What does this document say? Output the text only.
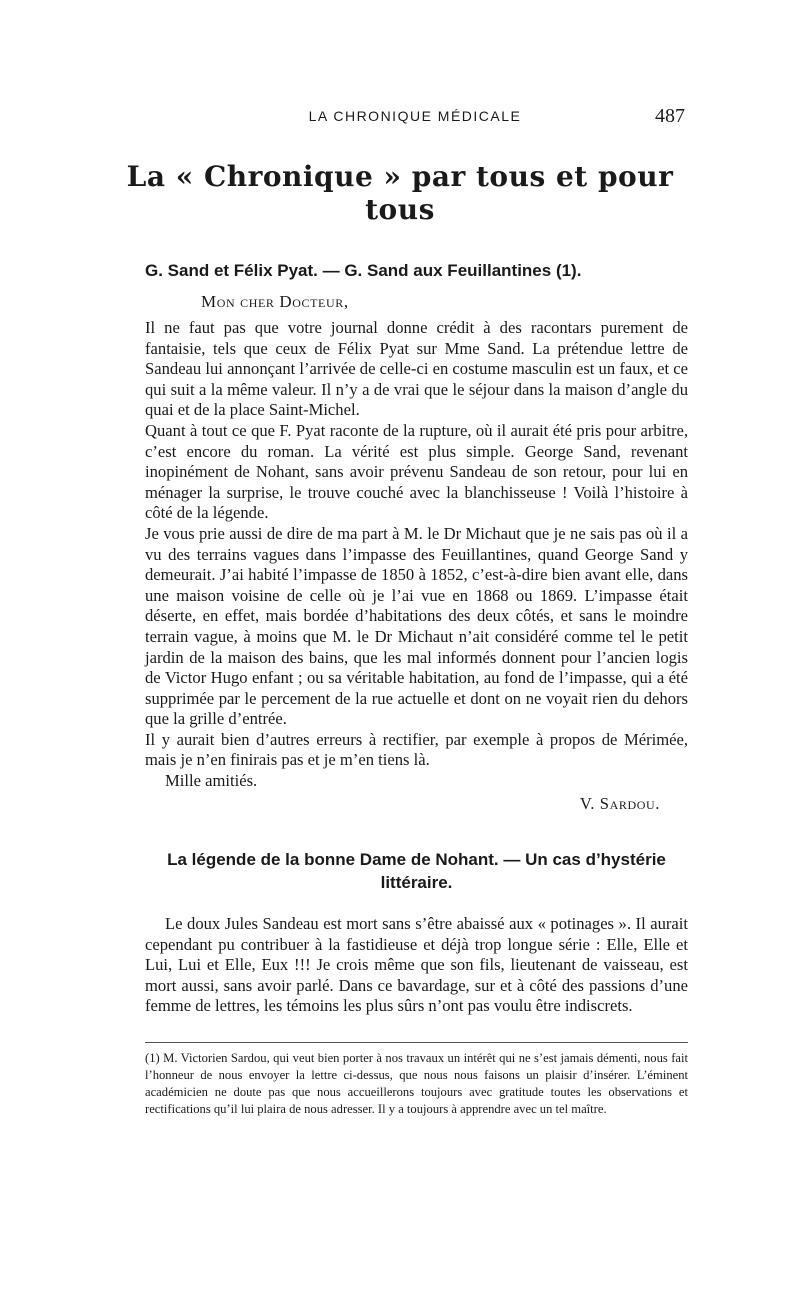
LA CHRONIQUE MÉDICALE	487
La « Chronique » par tous et pour tous
G. Sand et Félix Pyat. — G. Sand aux Feuillantines (1).
Mon cher Docteur,

Il ne faut pas que votre journal donne crédit à des racontars purement de fantaisie, tels que ceux de Félix Pyat sur Mme Sand. La prétendue lettre de Sandeau lui annonçant l’arrivée de celle-ci en costume masculin est un faux, et ce qui suit a la même valeur. Il n’y a de vrai que le séjour dans la maison d’angle du quai et de la place Saint-Michel.

Quant à tout ce que F. Pyat raconte de la rupture, où il aurait été pris pour arbitre, c’est encore du roman. La vérité est plus simple. George Sand, revenant inopinément de Nohant, sans avoir prévenu Sandeau de son retour, pour lui en ménager la surprise, le trouve couché avec la blanchisseuse ! Voilà l’histoire à côté de la légende.

Je vous prie aussi de dire de ma part à M. le Dr Michaut que je ne sais pas où il a vu des terrains vagues dans l’impasse des Feuillantines, quand George Sand y demeurait. J’ai habité l’impasse de 1850 à 1852, c’est-à-dire bien avant elle, dans une maison voisine de celle où je l’ai vue en 1868 ou 1869. L’impasse était déserte, en effet, mais bordée d’habitations des deux côtés, et sans le moindre terrain vague, à moins que M. le Dr Michaut n’ait considéré comme tel le petit jardin de la maison des bains, que les mal informés donnent pour l’ancien logis de Victor Hugo enfant ; ou sa véritable habitation, au fond de l’impasse, qui a été supprimée par le percement de la rue actuelle et dont on ne voyait rien du dehors que la grille d’entrée.

Il y aurait bien d’autres erreurs à rectifier, par exemple à propos de Mérimée, mais je n’en finirais pas et je m’en tiens là.

Mille amitiés.

V. Sardou.

La légende de la bonne Dame de Nohant. — Un cas d’hystérie littéraire.

Le doux Jules Sandeau est mort sans s’être abaissé aux « potinages ». Il aurait cependant pu contribuer à la fastidieuse et déjà trop longue série : Elle, Elle et Lui, Lui et Elle, Eux !!! Je crois même que son fils, lieutenant de vaisseau, est mort aussi, sans avoir parlé. Dans ce bavardage, sur et à côté des passions d’une femme de lettres, les témoins les plus sûrs n’ont pas voulu être indiscrets.

(1) M. Victorien Sardou, qui veut bien porter à nos travaux un intérêt qui ne s’est jamais démenti, nous fait l’honneur de nous envoyer la lettre ci-dessus, que nous nous faisons un plaisir d’insérer. L’éminent académicien ne doute pas que nous accueillerons toujours avec gratitude toutes les observations et rectifications qu’il lui plaira de nous adresser. Il y a toujours à apprendre avec un tel maître.
